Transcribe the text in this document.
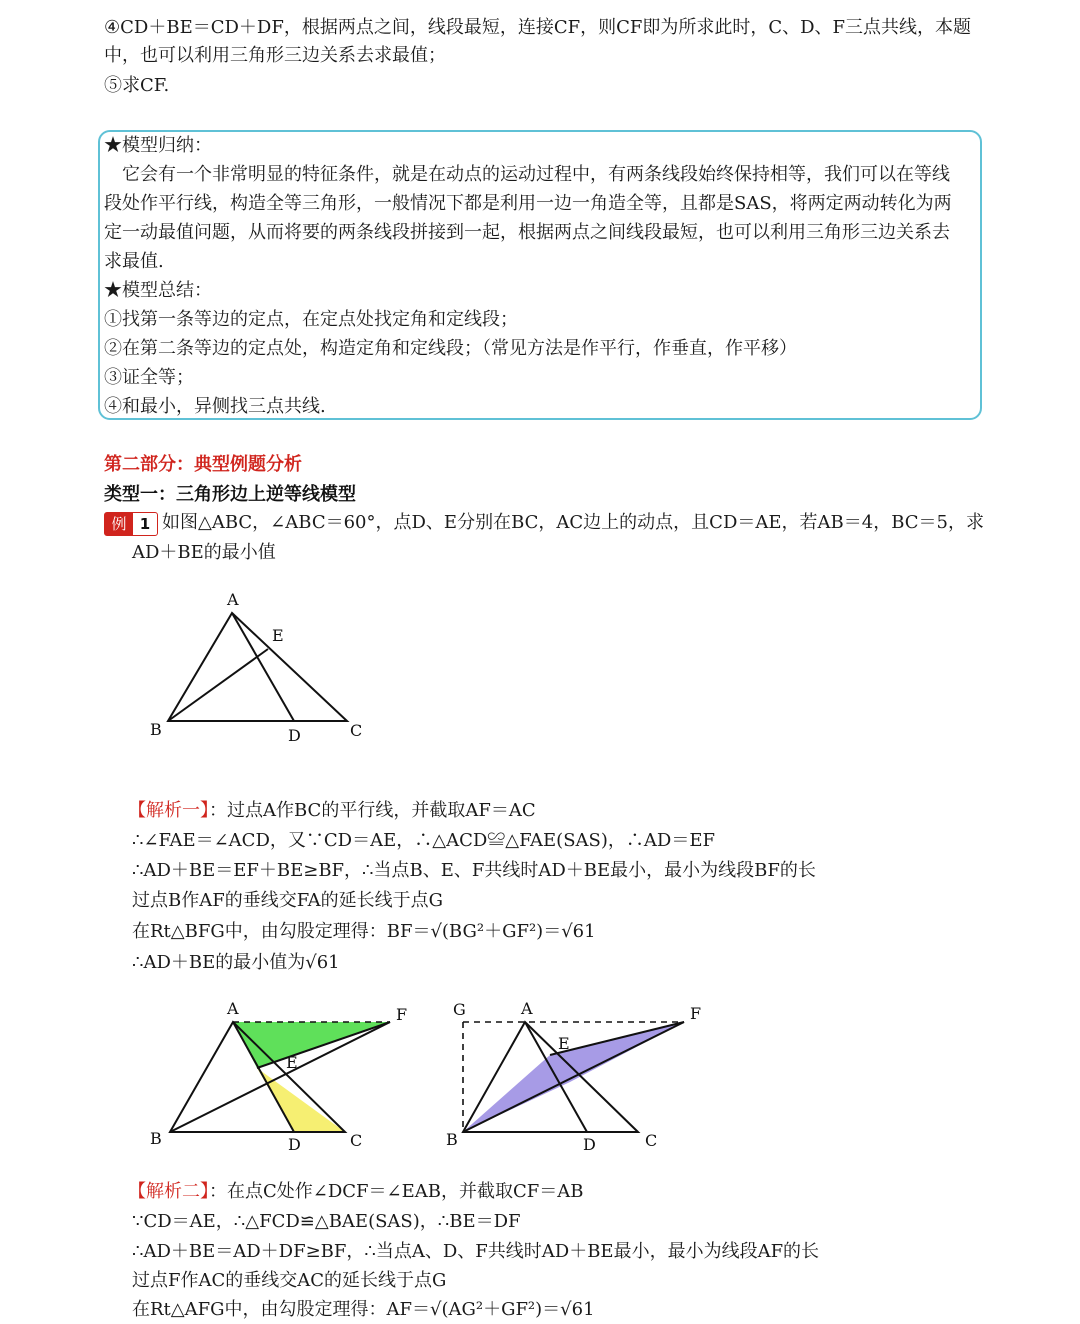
④CD＋BE＝CD＋DF，根据两点之间，线段最短，连接CF，则CF即为所求此时，C、D、F三点共线，本题
中，也可以利用三角形三边关系去求最值；
⑤求CF.
★模型归纳：
　它会有一个非常明显的特征条件，就是在动点的运动过程中，有两条线段始终保持相等，我们可以在等线
段处作平行线，构造全等三角形，一般情况下都是利用一边一角造全等，且都是SAS，将两定两动转化为两
定一动最值问题，从而将要的两条线段拼接到一起，根据两点之间线段最短，也可以利用三角形三边关系去
求最值.
★模型总结：
①找第一条等边的定点，在定点处找定角和定线段；
②在第二条等边的定点处，构造定角和定线段；（常见方法是作平行，作垂直，作平移）
③证全等；
④和最小，异侧找三点共线.
第二部分：典型例题分析
类型一：三角形边上逆等线模型
例 1 如图△ABC，∠ABC＝60°，点D、E分别在BC，AC边上的动点，且CD＝AE，若AB＝4，BC＝5，求
AD＋BE的最小值
A
B	C
D
E
【解析一】：过点A作BC的平行线，并截取AF＝AC
∴∠FAE＝∠ACD，又∵CD＝AE，∴△ACD≌△FAE(SAS)，∴AD＝EF
∴AD＋BE＝EF＋BE≥BF，∴当点B、E、F共线时AD＋BE最小，最小为线段BF的长
过点B作AF的垂线交FA的延长线于点G
在Rt△BFG中，由勾股定理得：BF＝√(BG²＋GF²)＝√61
∴AD＋BE的最小值为√61
A	F
E
B	D	C
G	A	F
E
B	D	C
【解析二】：在点C处作∠DCF＝∠EAB，并截取CF＝AB
∵CD＝AE，∴△FCD≌△BAE(SAS)，∴BE＝DF
∴AD＋BE＝AD＋DF≥BF，∴当点A、D、F共线时AD＋BE最小，最小为线段AF的长
过点F作AC的垂线交AC的延长线于点G
在Rt△AFG中，由勾股定理得：AF＝√(AG²＋GF²)＝√61
